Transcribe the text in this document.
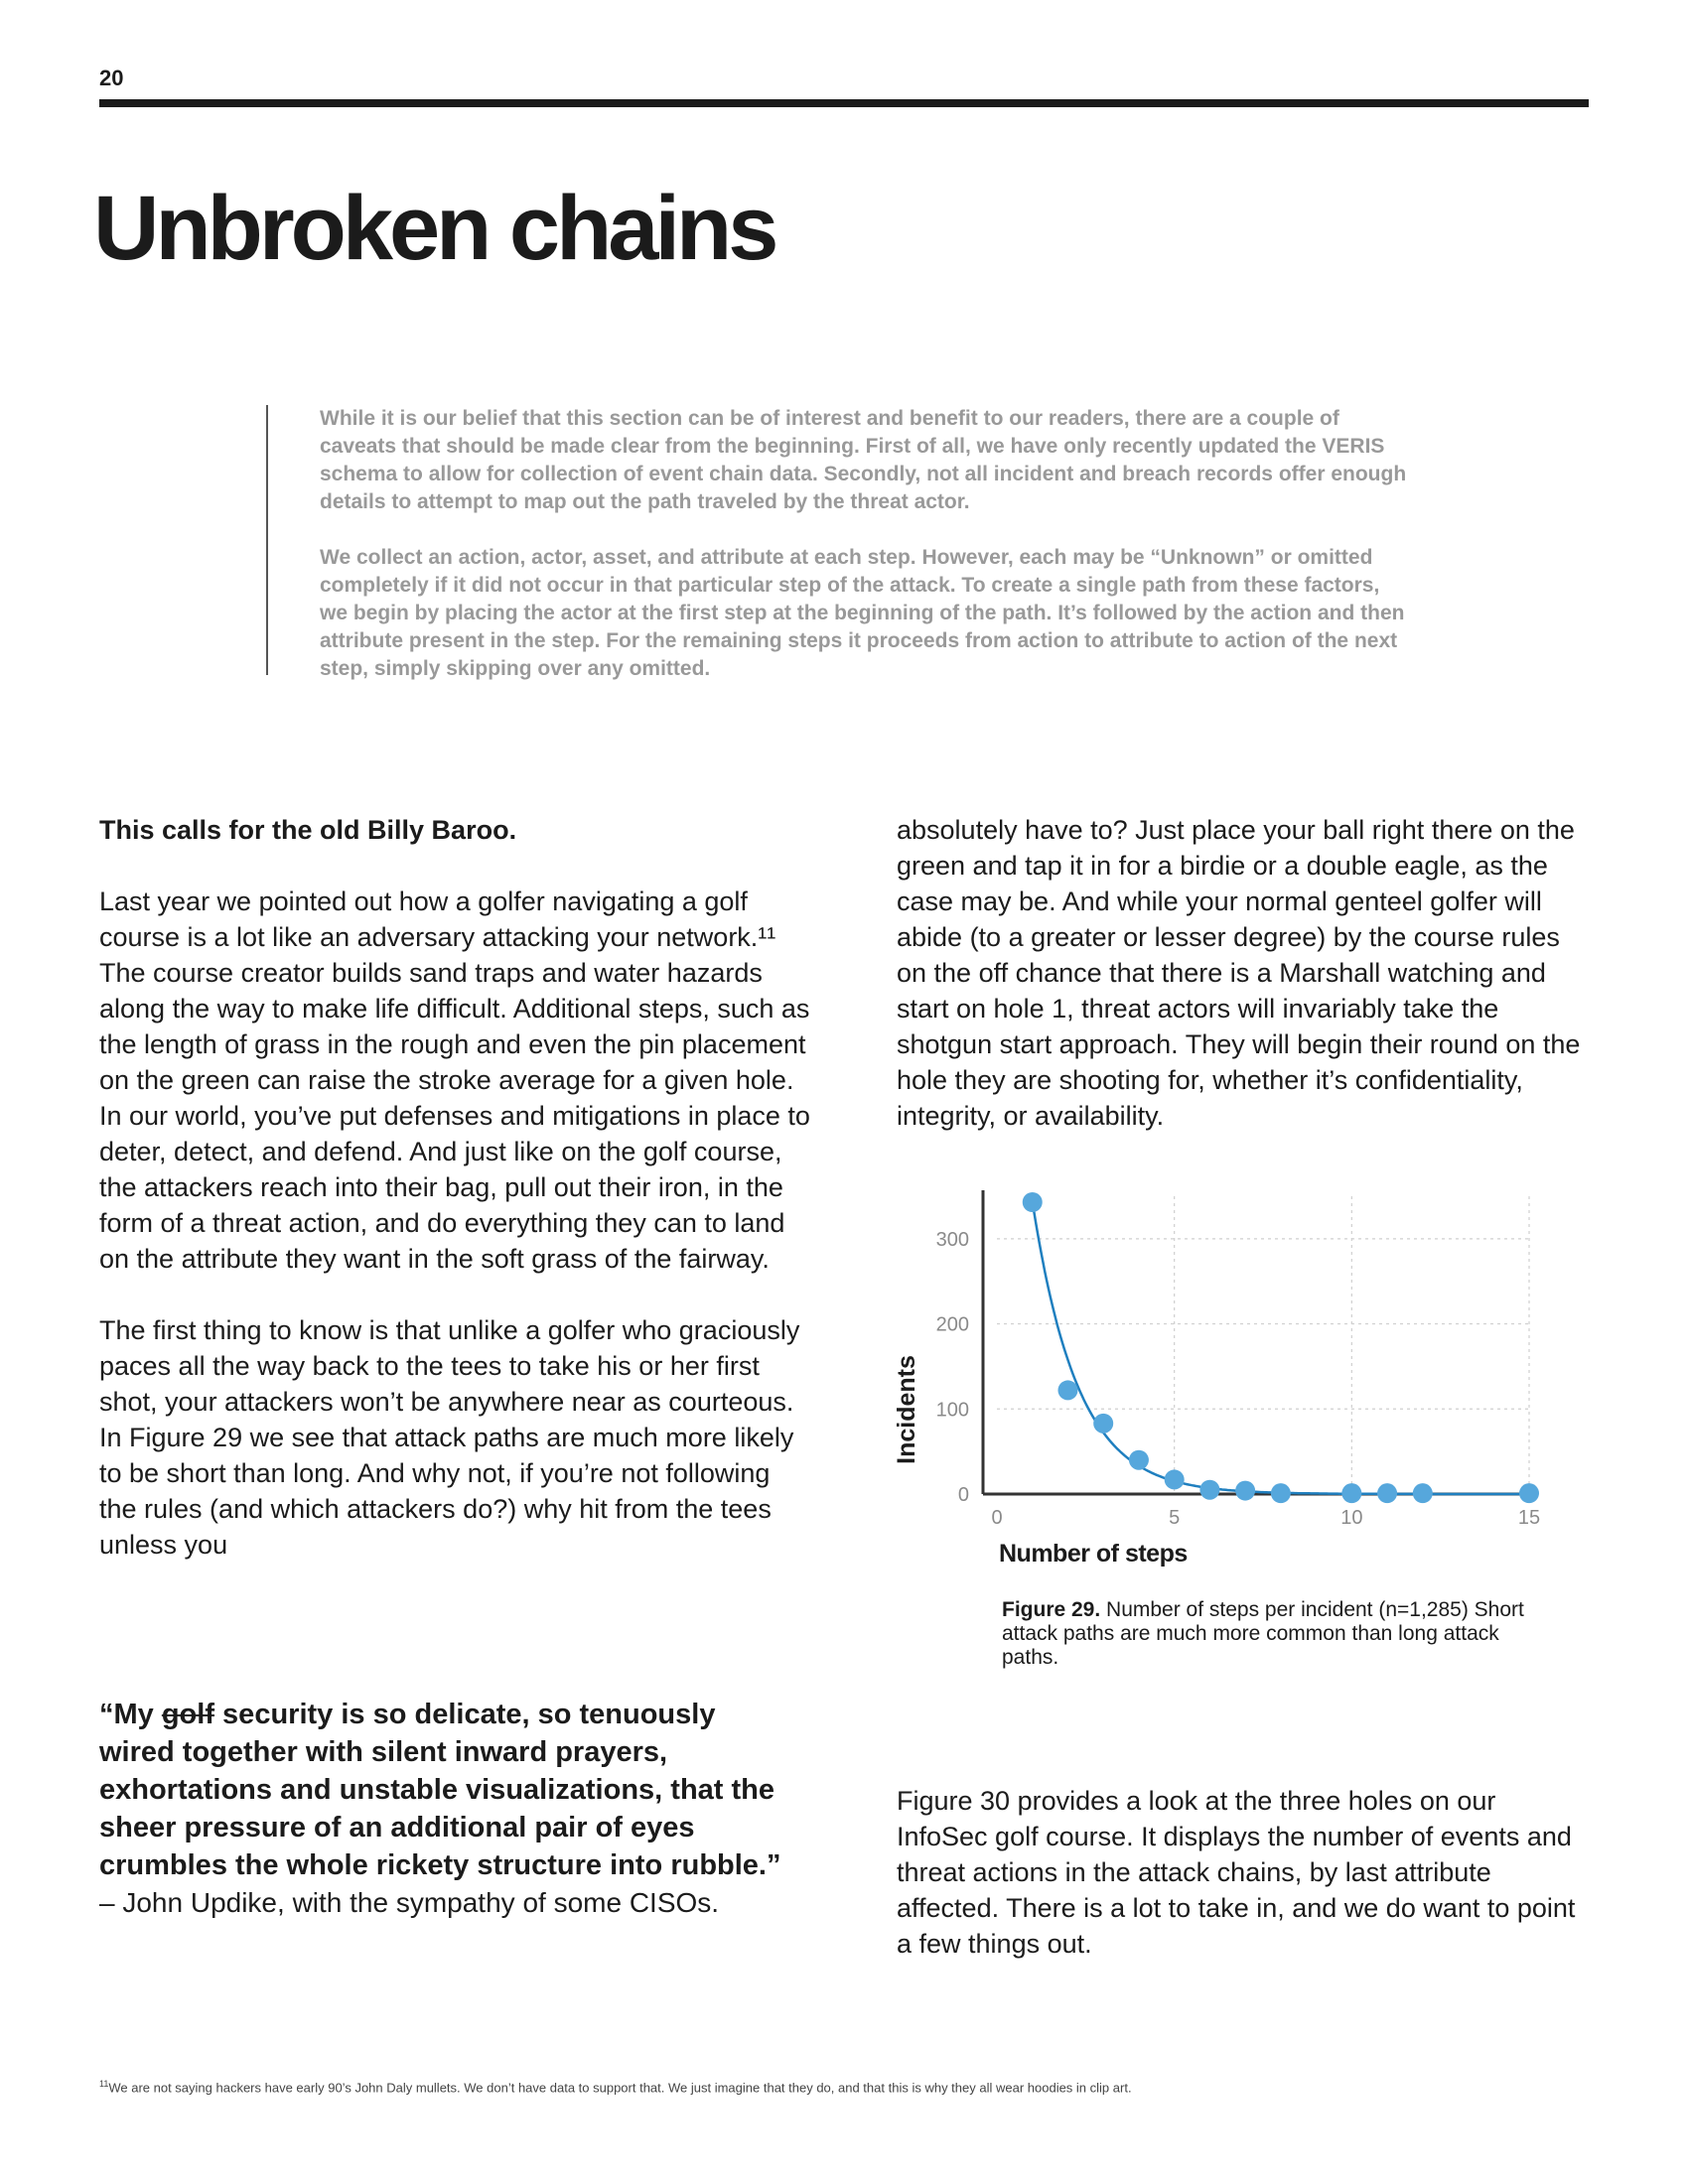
20
Unbroken chains

While it is our belief that this section can be of interest and benefit to our readers, there are a couple of caveats that should be made clear from the beginning. First of all, we have only recently updated the VERIS schema to allow for collection of event chain data. Secondly, not all incident and breach records offer enough details to attempt to map out the path traveled by the threat actor.

We collect an action, actor, asset, and attribute at each step. However, each may be “Unknown” or omitted completely if it did not occur in that particular step of the attack. To create a single path from these factors, we begin by placing the actor at the first step at the beginning of the path. It’s followed by the action and then attribute present in the step. For the remaining steps it proceeds from action to attribute to action of the next step, simply skipping over any omitted.

This calls for the old Billy Baroo.

Last year we pointed out how a golfer navigating a golf course is a lot like an adversary attacking your network.¹¹ The course creator builds sand traps and water hazards along the way to make life difficult. Additional steps, such as the length of grass in the rough and even the pin placement on the green can raise the stroke average for a given hole. In our world, you’ve put defenses and mitigations in place to deter, detect, and defend. And just like on the golf course, the attackers reach into their bag, pull out their iron, in the form of a threat action, and do everything they can to land on the attribute they want in the soft grass of the fairway.

The first thing to know is that unlike a golfer who graciously paces all the way back to the tees to take his or her first shot, your attackers won’t be anywhere near as courteous. In Figure 29 we see that attack paths are much more likely to be short than long. And why not, if you’re not following the rules (and which attackers do?) why hit from the tees unless you

absolutely have to? Just place your ball right there on the green and tap it in for a birdie or a double eagle, as the case may be. And while your normal genteel golfer will abide (to a greater or lesser degree) by the course rules on the off chance that there is a Marshall watching and start on hole 1, threat actors will invariably take the shotgun start approach. They will begin their round on the hole they are shooting for, whether it’s confidentiality, integrity, or availability.

0
100
200
300
0	5	10	15
Number of steps
Incidents
Figure 29. Number of steps per incident (n=1,285) Short attack paths are much more common than long attack paths.
“My golf security is so delicate, so tenuously wired together with silent inward prayers, exhortations and unstable visualizations, that the sheer pressure of an additional pair of eyes crumbles the whole rickety structure into rubble.”
– John Updike, with the sympathy of some CISOs.

Figure 30 provides a look at the three holes on our InfoSec golf course. It displays the number of events and threat actions in the attack chains, by last attribute affected. There is a lot to take in, and we do want to point a few things out.

$^{11}$We are not saying hackers have early 90’s John Daly mullets. We don’t have data to support that. We just imagine that they do, and that this is why they all wear hoodies in clip art.
